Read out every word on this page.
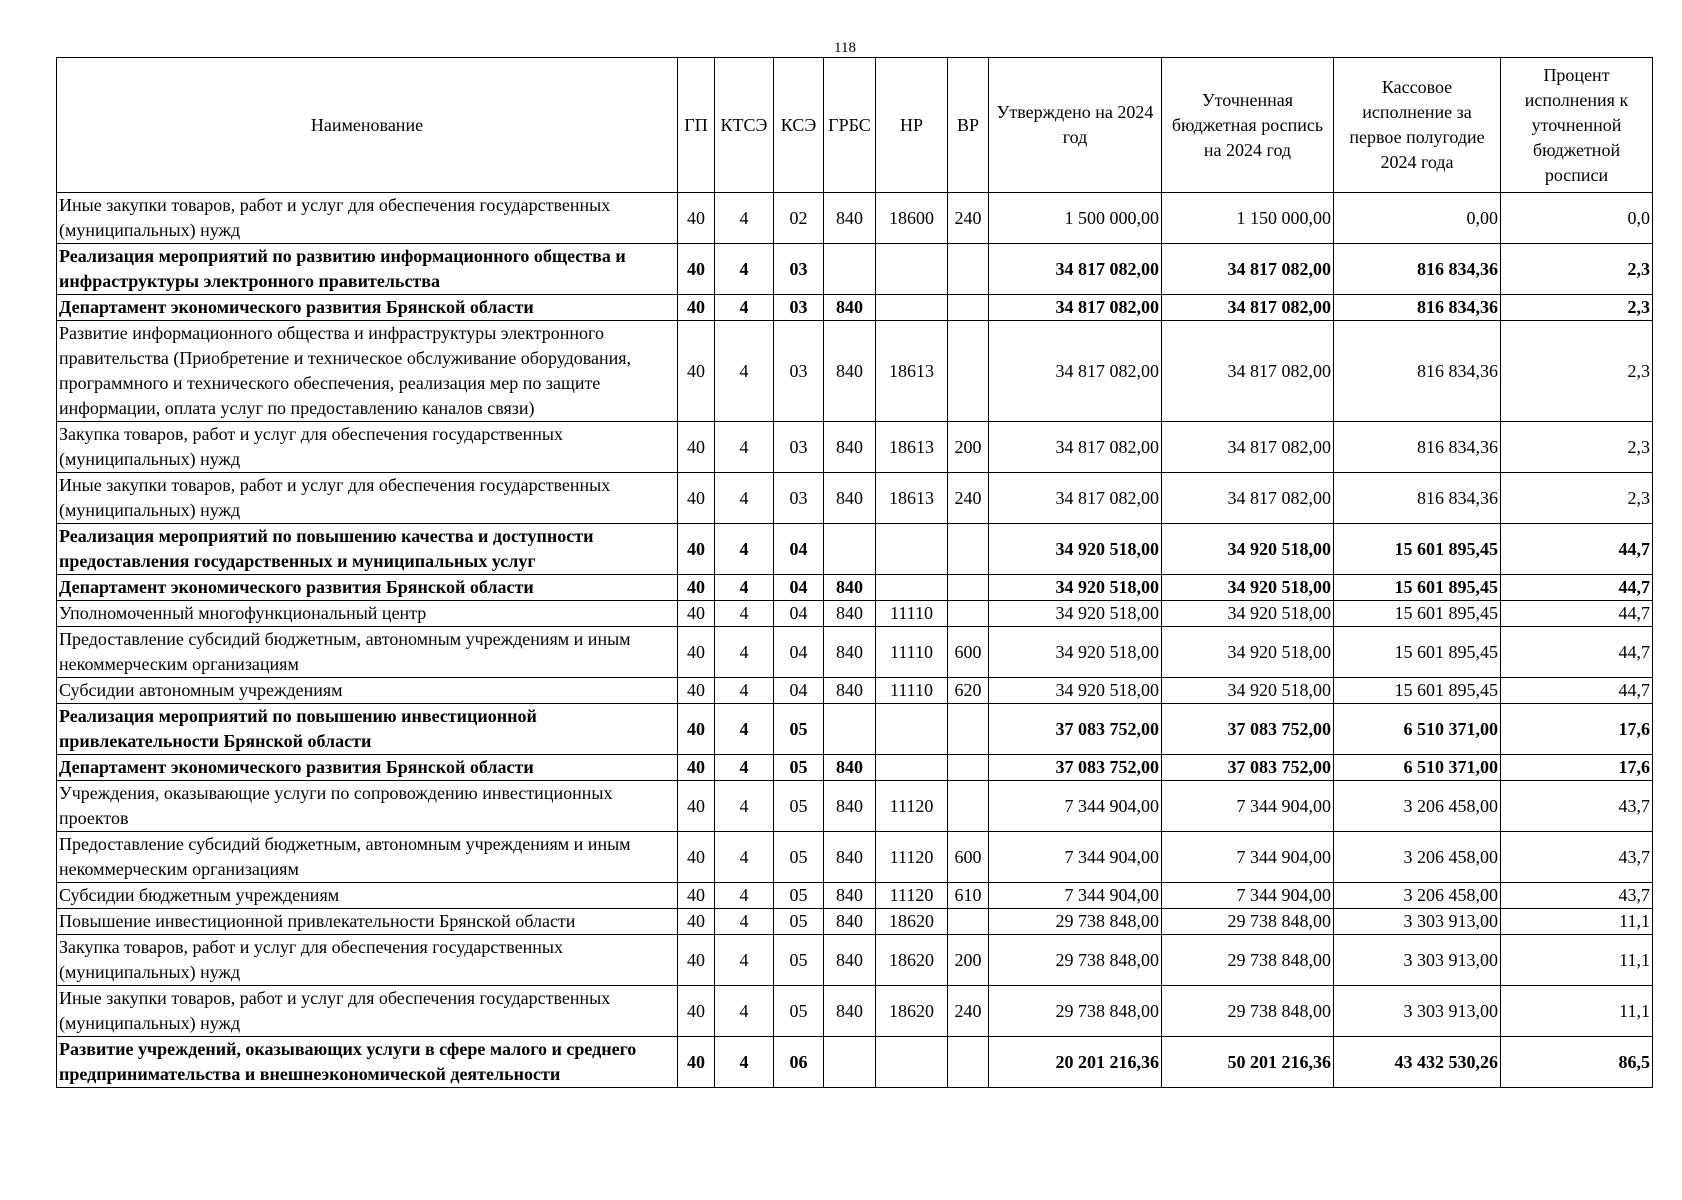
118
Наименование	ГП	КТСЭ	КСЭ	ГРБС	НР	ВР	Утверждено на 2024 год	Уточненная бюджетная роспись на 2024 год	Кассовое исполнение за первое полугодие 2024 года	Процент исполнения к уточненной бюджетной росписи
Иные закупки товаров, работ и услуг для обеспечения государственных (муниципальных) нужд	40	4	02	840	18600	240	1 500 000,00	1 150 000,00	0,00	0,0
Реализация мероприятий по развитию информационного общества и инфраструктуры электронного правительства	40	4	03				34 817 082,00	34 817 082,00	816 834,36	2,3
Департамент экономического развития Брянской области	40	4	03	840			34 817 082,00	34 817 082,00	816 834,36	2,3
Развитие информационного общества и инфраструктуры электронного правительства (Приобретение и техническое обслуживание оборудования, программного и технического обеспечения, реализация мер по защите информации, оплата услуг по предоставлению каналов связи)	40	4	03	840	18613		34 817 082,00	34 817 082,00	816 834,36	2,3
Закупка товаров, работ и услуг для обеспечения государственных (муниципальных) нужд	40	4	03	840	18613	200	34 817 082,00	34 817 082,00	816 834,36	2,3
Иные закупки товаров, работ и услуг для обеспечения государственных (муниципальных) нужд	40	4	03	840	18613	240	34 817 082,00	34 817 082,00	816 834,36	2,3
Реализация мероприятий по повышению качества и доступности предоставления государственных и муниципальных услуг	40	4	04				34 920 518,00	34 920 518,00	15 601 895,45	44,7
Департамент экономического развития Брянской области	40	4	04	840			34 920 518,00	34 920 518,00	15 601 895,45	44,7
Уполномоченный многофункциональный центр	40	4	04	840	11110		34 920 518,00	34 920 518,00	15 601 895,45	44,7
Предоставление субсидий бюджетным, автономным учреждениям и иным некоммерческим организациям	40	4	04	840	11110	600	34 920 518,00	34 920 518,00	15 601 895,45	44,7
Субсидии автономным учреждениям	40	4	04	840	11110	620	34 920 518,00	34 920 518,00	15 601 895,45	44,7
Реализация мероприятий по повышению инвестиционной привлекательности Брянской области	40	4	05				37 083 752,00	37 083 752,00	6 510 371,00	17,6
Департамент экономического развития Брянской области	40	4	05	840			37 083 752,00	37 083 752,00	6 510 371,00	17,6
Учреждения, оказывающие услуги по сопровождению инвестиционных проектов	40	4	05	840	11120		7 344 904,00	7 344 904,00	3 206 458,00	43,7
Предоставление субсидий бюджетным, автономным учреждениям и иным некоммерческим организациям	40	4	05	840	11120	600	7 344 904,00	7 344 904,00	3 206 458,00	43,7
Субсидии бюджетным учреждениям	40	4	05	840	11120	610	7 344 904,00	7 344 904,00	3 206 458,00	43,7
Повышение инвестиционной привлекательности Брянской области	40	4	05	840	18620		29 738 848,00	29 738 848,00	3 303 913,00	11,1
Закупка товаров, работ и услуг для обеспечения государственных (муниципальных) нужд	40	4	05	840	18620	200	29 738 848,00	29 738 848,00	3 303 913,00	11,1
Иные закупки товаров, работ и услуг для обеспечения государственных (муниципальных) нужд	40	4	05	840	18620	240	29 738 848,00	29 738 848,00	3 303 913,00	11,1
Развитие учреждений, оказывающих услуги в сфере малого и среднего предпринимательства и внешнеэкономической деятельности	40	4	06				20 201 216,36	50 201 216,36	43 432 530,26	86,5
